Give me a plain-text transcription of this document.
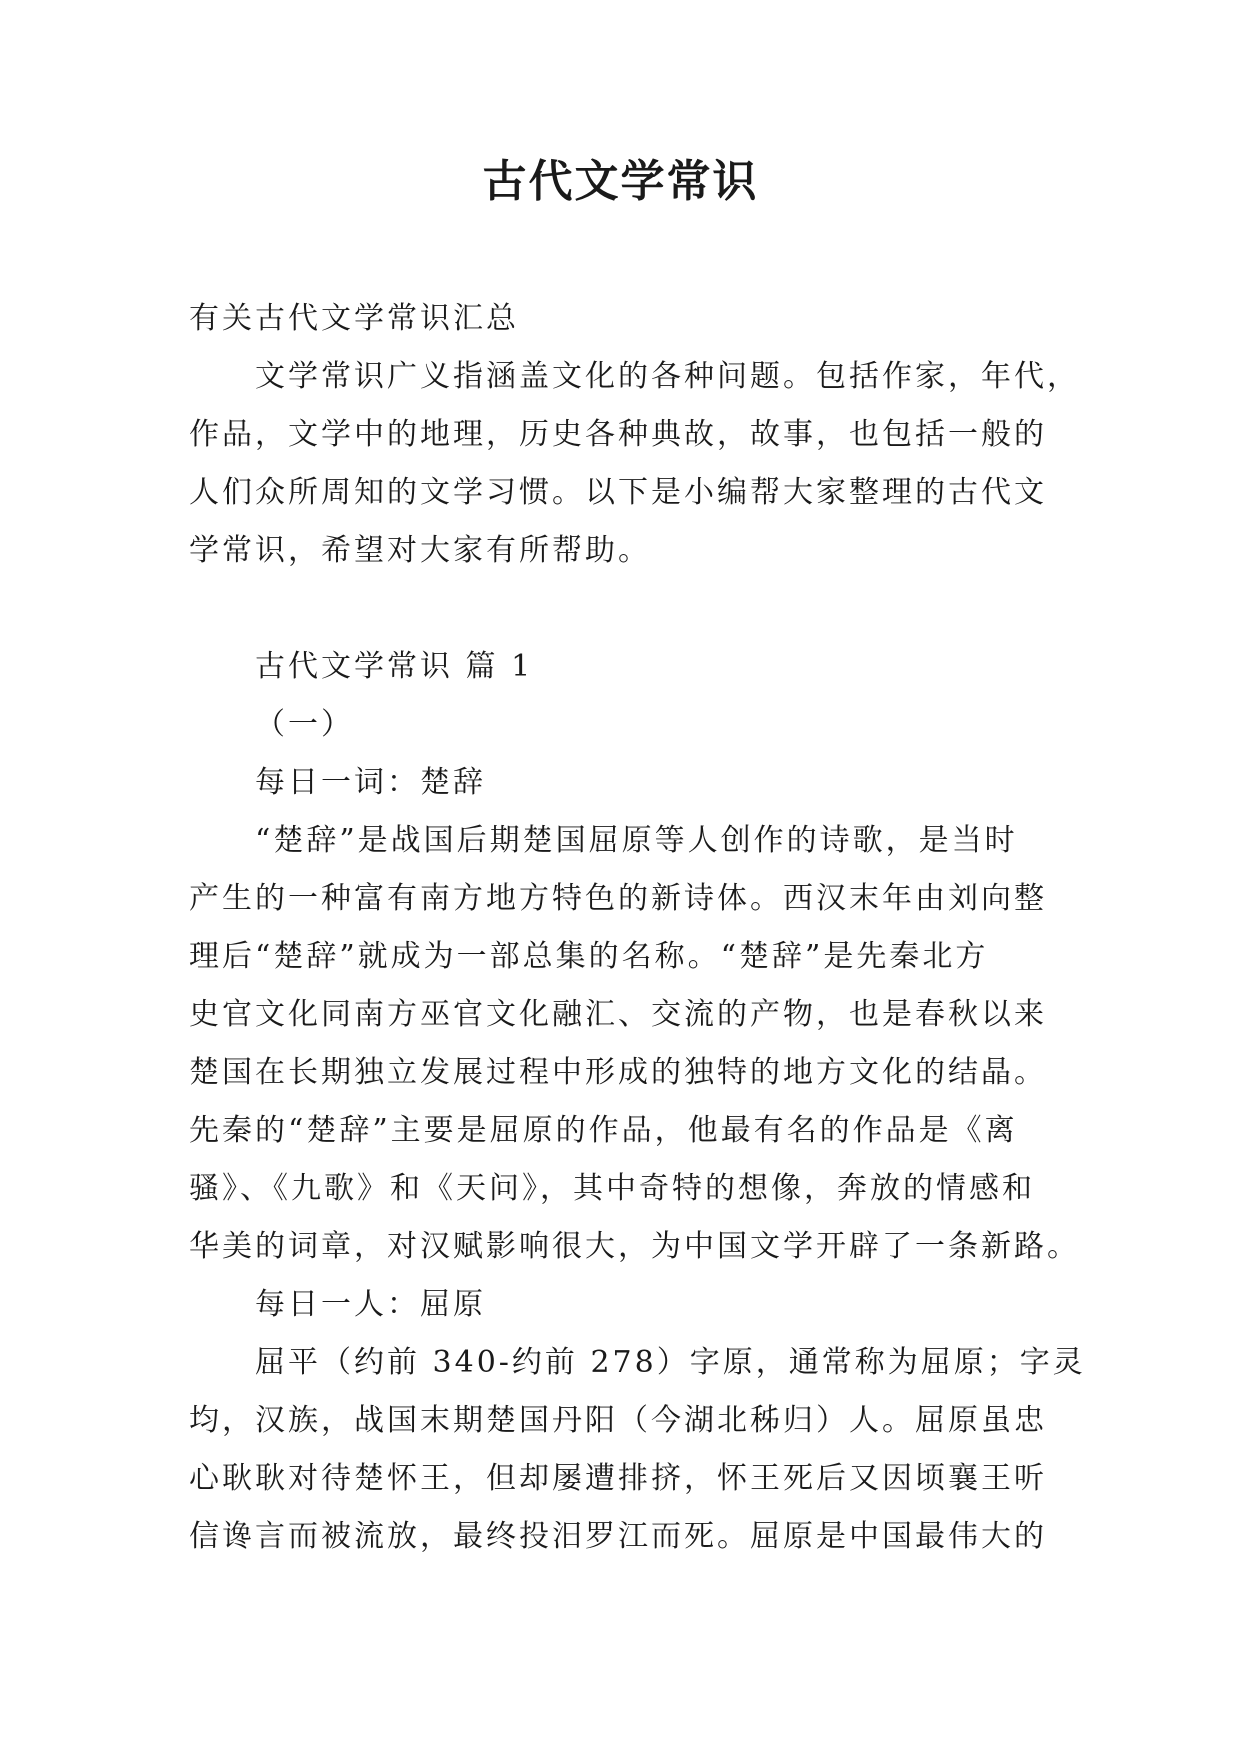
古代文学常识
有关古代文学常识汇总
文学常识广义指涵盖文化的各种问题。包括作家，年代，
作品，文学中的地理，历史各种典故，故事，也包括一般的
人们众所周知的文学习惯。以下是小编帮大家整理的古代文
学常识，希望对大家有所帮助。
古代文学常识 篇 1
（一）
每日一词：楚辞
“楚辞”是战国后期楚国屈原等人创作的诗歌，是当时
产生的一种富有南方地方特色的新诗体。西汉末年由刘向整
理后“楚辞”就成为一部总集的名称。“楚辞”是先秦北方
史官文化同南方巫官文化融汇、交流的产物，也是春秋以来
楚国在长期独立发展过程中形成的独特的地方文化的结晶。
先秦的“楚辞”主要是屈原的作品，他最有名的作品是《离
骚》、《九歌》和《天问》，其中奇特的想像，奔放的情感和
华美的词章，对汉赋影响很大，为中国文学开辟了一条新路。
每日一人：屈原
屈平（约前 340-约前 278）字原，通常称为屈原；字灵
均，汉族，战国末期楚国丹阳（今湖北秭归）人。屈原虽忠
心耿耿对待楚怀王，但却屡遭排挤，怀王死后又因顷襄王听
信谗言而被流放，最终投汨罗江而死。屈原是中国最伟大的
